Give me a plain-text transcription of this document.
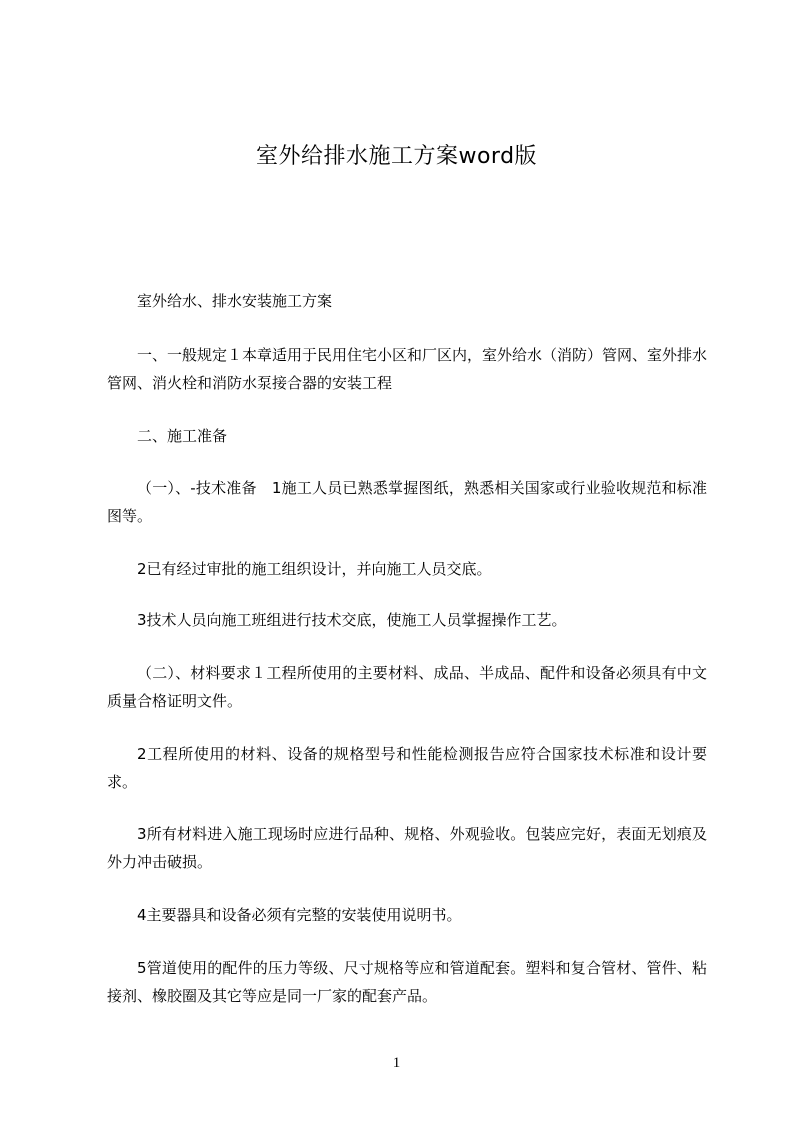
室外给排水施工方案word版

室外给水、排水安装施工方案

一、一般规定１本章适用于民用住宅小区和厂区内，室外给水（消防）管网、室外排水管网、消火栓和消防水泵接合器的安装工程

二、施工准备

（一）、-技术准备　1施工人员已熟悉掌握图纸，熟悉相关国家或行业验收规范和标准图等。

2已有经过审批的施工组织设计，并向施工人员交底。

3技术人员向施工班组进行技术交底，使施工人员掌握操作工艺。

（二）、材料要求１工程所使用的主要材料、成品、半成品、配件和设备必须具有中文质量合格证明文件。

2工程所使用的材料、设备的规格型号和性能检测报告应符合国家技术标准和设计要求。

3所有材料进入施工现场时应进行品种、规格、外观验收。包装应完好，表面无划痕及外力冲击破损。

4主要器具和设备必须有完整的安装使用说明书。

5管道使用的配件的压力等级、尺寸规格等应和管道配套。塑料和复合管材、管件、粘接剂、橡胶圈及其它等应是同一厂家的配套产品。

1
